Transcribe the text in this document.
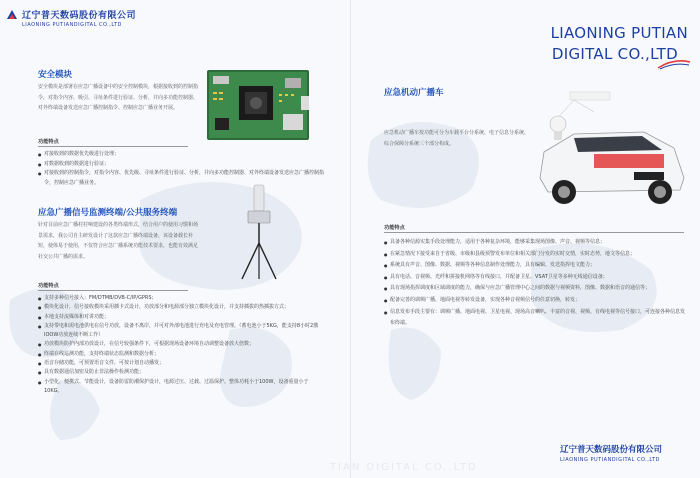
辽宁普天数码股份有限公司
LIAONING PUTIANDIGITAL CO.,LTD
安全模块
安全模块是部署在应急广播设备中的安全控制模块，根据接收到的控制指令，对指令内容、吸引、寻址条件进行验证、分析，并向多功能控制器、对外终端设备发送应急广播控制指令、控制应急广播业务开展。
功能特点
● 对接收到的数据优先级进行处理；
● 对数据收到的数据进行验证；
● 对接收到的控制指令，对指令内容、优先级、寻址条件进行验证、分析，并向多功能控制器、对外终端设备发送应急广播控制指令，控制应急广播业务。
应急广播信号监测终端/公共服务终端
针对目前应急广播村村响建设的各类终端形式，结合用户的使用习惯和场景需求，我公司自主研发设计了这款应急广播终端设备，该设备载长补短，使体易于使用，不仅符合应急广播系统功能技术要求，也能有效满足社交公共广播的需求。
功能特点
● 支持多种信号接入：FM/DTMB/DVB-C/IP/GPRS；
● 模块化设计，信号接收模块采用插卡式设计，功放部分和电源部分独立模块化设计，并支持插拔的热插拔方式；
● 本地支持流媒体和对讲功能；
● 支持带电和需电池供电在信号功放，设备不离岸，并可对外部电池进行充电及充电管理。（蓄电池小于5KG，能支持8小时2激IOOW功放连续不断工作）
● 功放模块防护内部功放设计，在信号较强条件下，可根据现场设备环境自动调整设备放大倍数；
● 终端在线巡测功能，支持终端状态监测和数据分析；
● 语音存储功能，可预置语音文件，可按计划自动播发；
● 具有数据通信加密及防止非法操作检测功能；
● 小型化、便携式、节能设计，设备防雷防潮保护设计，电源过压、过载、过温保护。整体功耗小于100W，设备重量小于10KG。
LIAONING PUTIAN
DIGITAL CO.,LTD
应急机动广播车
应急机动广播车按功能可分为车载平台分系统、电子信息分系统、综合保障分系统三个部分构成。
功能特点
● 具备各种信源实集手段处理能力，适用于各种复杂环境，能够采集现场图像、声音、视频等信息；
● 在紧急情况下接受来自于省级、市级和县级预警发布单位和相关部门分发的实时交情，实时态势，地文等信息；
● 系统具有声音、图像、数据、视频等各种信息制作处理能力，具有编辑、发送指挥电文能力；
● 具有电话、音视频、光纤和拼接机网络等有线接口，并配备卫星、VSAT卫星等多种无线通信设备；
● 具有现场指挥调度和区域调度的能力，确保与应急广播管理中心之间的数据与视频资料，图像、数据和语音的通信等；
● 配备完善的调频广播，地面电视等转发设备，实现各种音视频信号的任意切换，转发；
● 信息发布手段主要有：调频广播、地面电视、卫星电视、现场高音喇叭、丰富的音视、视频、有线电视等信号接口，可连接各种信息发布终端。
辽宁普天数码股份有限公司
LIAONING PUTIANDIGITAL CO.,LTD
TIAN DIGITAL CO.,LTD
